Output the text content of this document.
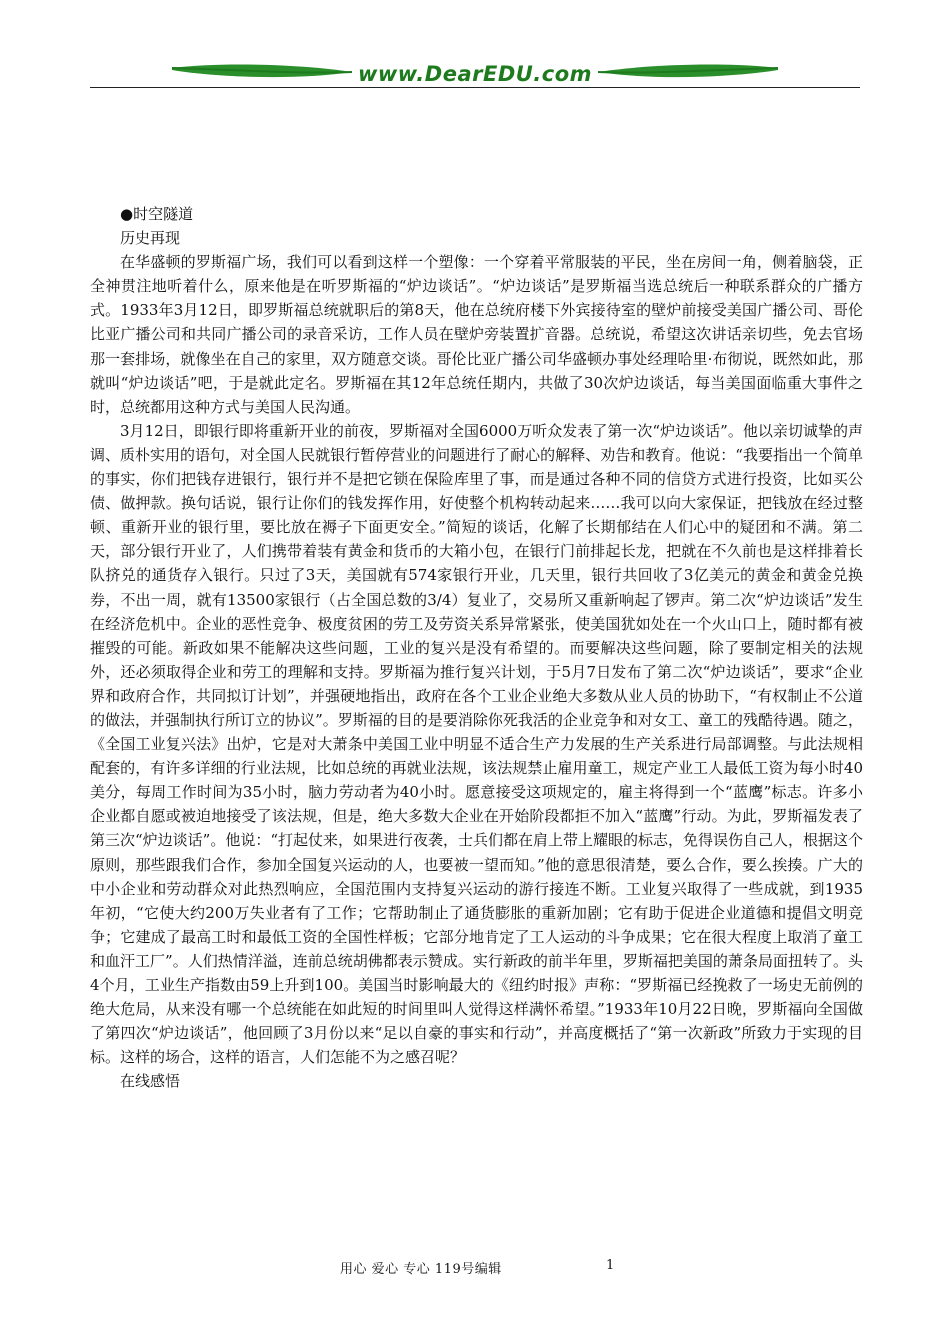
www.DearEDU.com

●时空隧道

历史再现

在华盛顿的罗斯福广场，我们可以看到这样一个塑像：一个穿着平常服装的平民，坐在房间一角，侧着脑袋，正全神贯注地听着什么，原来他是在听罗斯福的“炉边谈话”。“炉边谈话”是罗斯福当选总统后一种联系群众的广播方式。1933年3月12日，即罗斯福总统就职后的第8天，他在总统府楼下外宾接待室的壁炉前接受美国广播公司、哥伦比亚广播公司和共同广播公司的录音采访，工作人员在壁炉旁装置扩音器。总统说，希望这次讲话亲切些，免去官场那一套排场，就像坐在自己的家里，双方随意交谈。哥伦比亚广播公司华盛顿办事处经理哈里·布彻说，既然如此，那就叫“炉边谈话”吧，于是就此定名。罗斯福在其12年总统任期内，共做了30次炉边谈话，每当美国面临重大事件之时，总统都用这种方式与美国人民沟通。

3月12日，即银行即将重新开业的前夜，罗斯福对全国6000万听众发表了第一次“炉边谈话”。他以亲切诚挚的声调、质朴实用的语句，对全国人民就银行暂停营业的问题进行了耐心的解释、劝告和教育。他说：“我要指出一个简单的事实，你们把钱存进银行，银行并不是把它锁在保险库里了事，而是通过各种不同的信贷方式进行投资，比如买公债、做押款。换句话说，银行让你们的钱发挥作用，好使整个机构转动起来……我可以向大家保证，把钱放在经过整顿、重新开业的银行里，要比放在褥子下面更安全。”简短的谈话，化解了长期郁结在人们心中的疑团和不满。第二天，部分银行开业了，人们携带着装有黄金和货币的大箱小包，在银行门前排起长龙，把就在不久前也是这样排着长队挤兑的通货存入银行。只过了3天，美国就有574家银行开业，几天里，银行共回收了3亿美元的黄金和黄金兑换券，不出一周，就有13500家银行（占全国总数的3/4）复业了，交易所又重新响起了锣声。第二次“炉边谈话”发生在经济危机中。企业的恶性竞争、极度贫困的劳工及劳资关系异常紧张，使美国犹如处在一个火山口上，随时都有被摧毁的可能。新政如果不能解决这些问题，工业的复兴是没有希望的。而要解决这些问题，除了要制定相关的法规外，还必须取得企业和劳工的理解和支持。罗斯福为推行复兴计划，于5月7日发布了第二次“炉边谈话”，要求“企业界和政府合作，共同拟订计划”，并强硬地指出，政府在各个工业企业绝大多数从业人员的协助下，“有权制止不公道的做法，并强制执行所订立的协议”。罗斯福的目的是要消除你死我活的企业竞争和对女工、童工的残酷待遇。随之，《全国工业复兴法》出炉，它是对大萧条中美国工业中明显不适合生产力发展的生产关系进行局部调整。与此法规相配套的，有许多详细的行业法规，比如总统的再就业法规，该法规禁止雇用童工，规定产业工人最低工资为每小时40美分，每周工作时间为35小时，脑力劳动者为40小时。愿意接受这项规定的，雇主将得到一个“蓝鹰”标志。许多小企业都自愿或被迫地接受了该法规，但是，绝大多数大企业在开始阶段都拒不加入“蓝鹰”行动。为此，罗斯福发表了第三次“炉边谈话”。他说：“打起仗来，如果进行夜袭，士兵们都在肩上带上耀眼的标志，免得误伤自己人，根据这个原则，那些跟我们合作，参加全国复兴运动的人，也要被一望而知。”他的意思很清楚，要么合作，要么挨揍。广大的中小企业和劳动群众对此热烈响应，全国范围内支持复兴运动的游行接连不断。工业复兴取得了一些成就，到1935年初，“它使大约200万失业者有了工作；它帮助制止了通货膨胀的重新加剧；它有助于促进企业道德和提倡文明竞争；它建成了最高工时和最低工资的全国性样板；它部分地肯定了工人运动的斗争成果；它在很大程度上取消了童工和血汗工厂”。人们热情洋溢，连前总统胡佛都表示赞成。实行新政的前半年里，罗斯福把美国的萧条局面扭转了。头4个月，工业生产指数由59上升到100。美国当时影响最大的《纽约时报》声称：“罗斯福已经挽救了一场史无前例的绝大危局，从来没有哪一个总统能在如此短的时间里叫人觉得这样满怀希望。”1933年10月22日晚，罗斯福向全国做了第四次“炉边谈话”，他回顾了3月份以来“足以自豪的事实和行动”，并高度概括了“第一次新政”所致力于实现的目标。这样的场合，这样的语言，人们怎能不为之感召呢？

在线感悟

用心 爱心 专心 119号编辑	1
